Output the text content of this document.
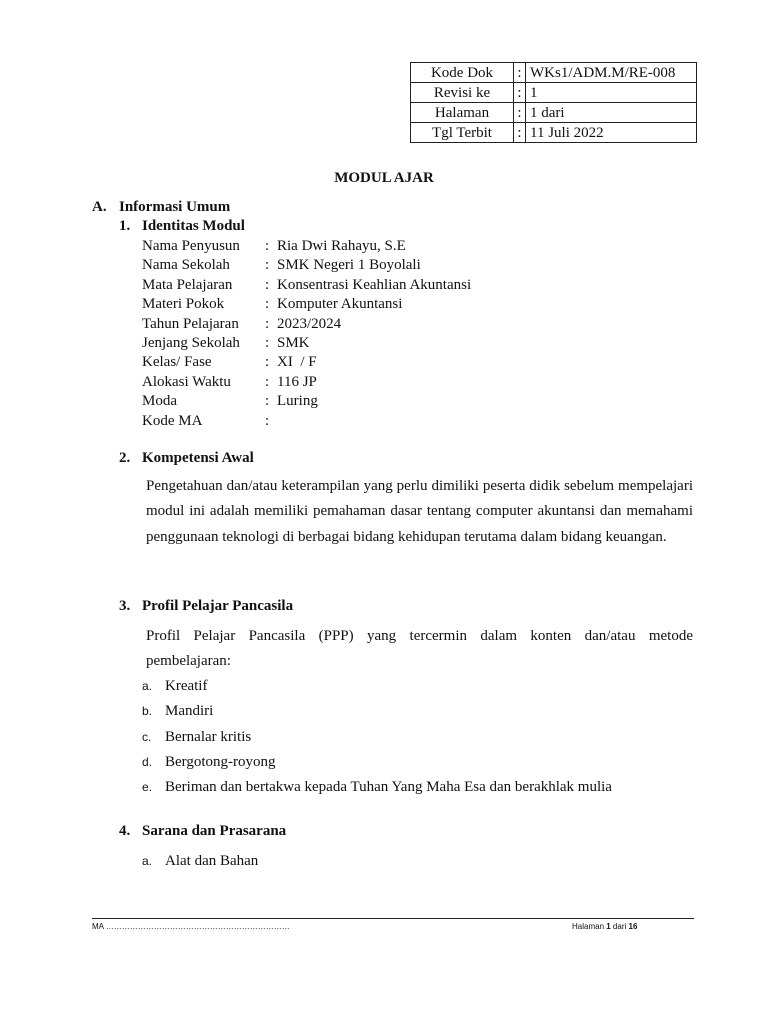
Kode Dok	:	WKs1/ADM.M/RE-008
Revisi ke	:	1
Halaman	:	1 dari
Tgl Terbit	:	11 Juli 2022
MODUL AJAR
A. Informasi Umum
1. Identitas Modul
Nama Penyusun : Ria Dwi Rahayu, S.E
Nama Sekolah : SMK Negeri 1 Boyolali
Mata Pelajaran : Konsentrasi Keahlian Akuntansi
Materi Pokok	: Komputer Akuntansi
Tahun Pelajaran : 2023/2024
Jenjang Sekolah : SMK
Kelas/ Fase	: XI  / F
Alokasi Waktu : 116 JP
Moda	: Luring
Kode MA	:
2. Kompetensi Awal
Pengetahuan dan/atau keterampilan yang perlu dimiliki peserta didik sebelum mempelajari modul ini adalah memiliki pemahaman dasar tentang computer akuntansi dan memahami penggunaan teknologi di berbagai bidang kehidupan terutama dalam bidang keuangan.
3. Profil Pelajar Pancasila
Profil Pelajar Pancasila (PPP) yang tercermin dalam konten dan/atau metode pembelajaran:
a. Kreatif
b. Mandiri
c. Bernalar kritis
d. Bergotong-royong
e. Beriman dan bertakwa kepada Tuhan Yang Maha Esa dan berakhlak mulia
4. Sarana dan Prasarana
a. Alat dan Bahan
MA ……………………………………………………………	Halaman 1 dari 16
